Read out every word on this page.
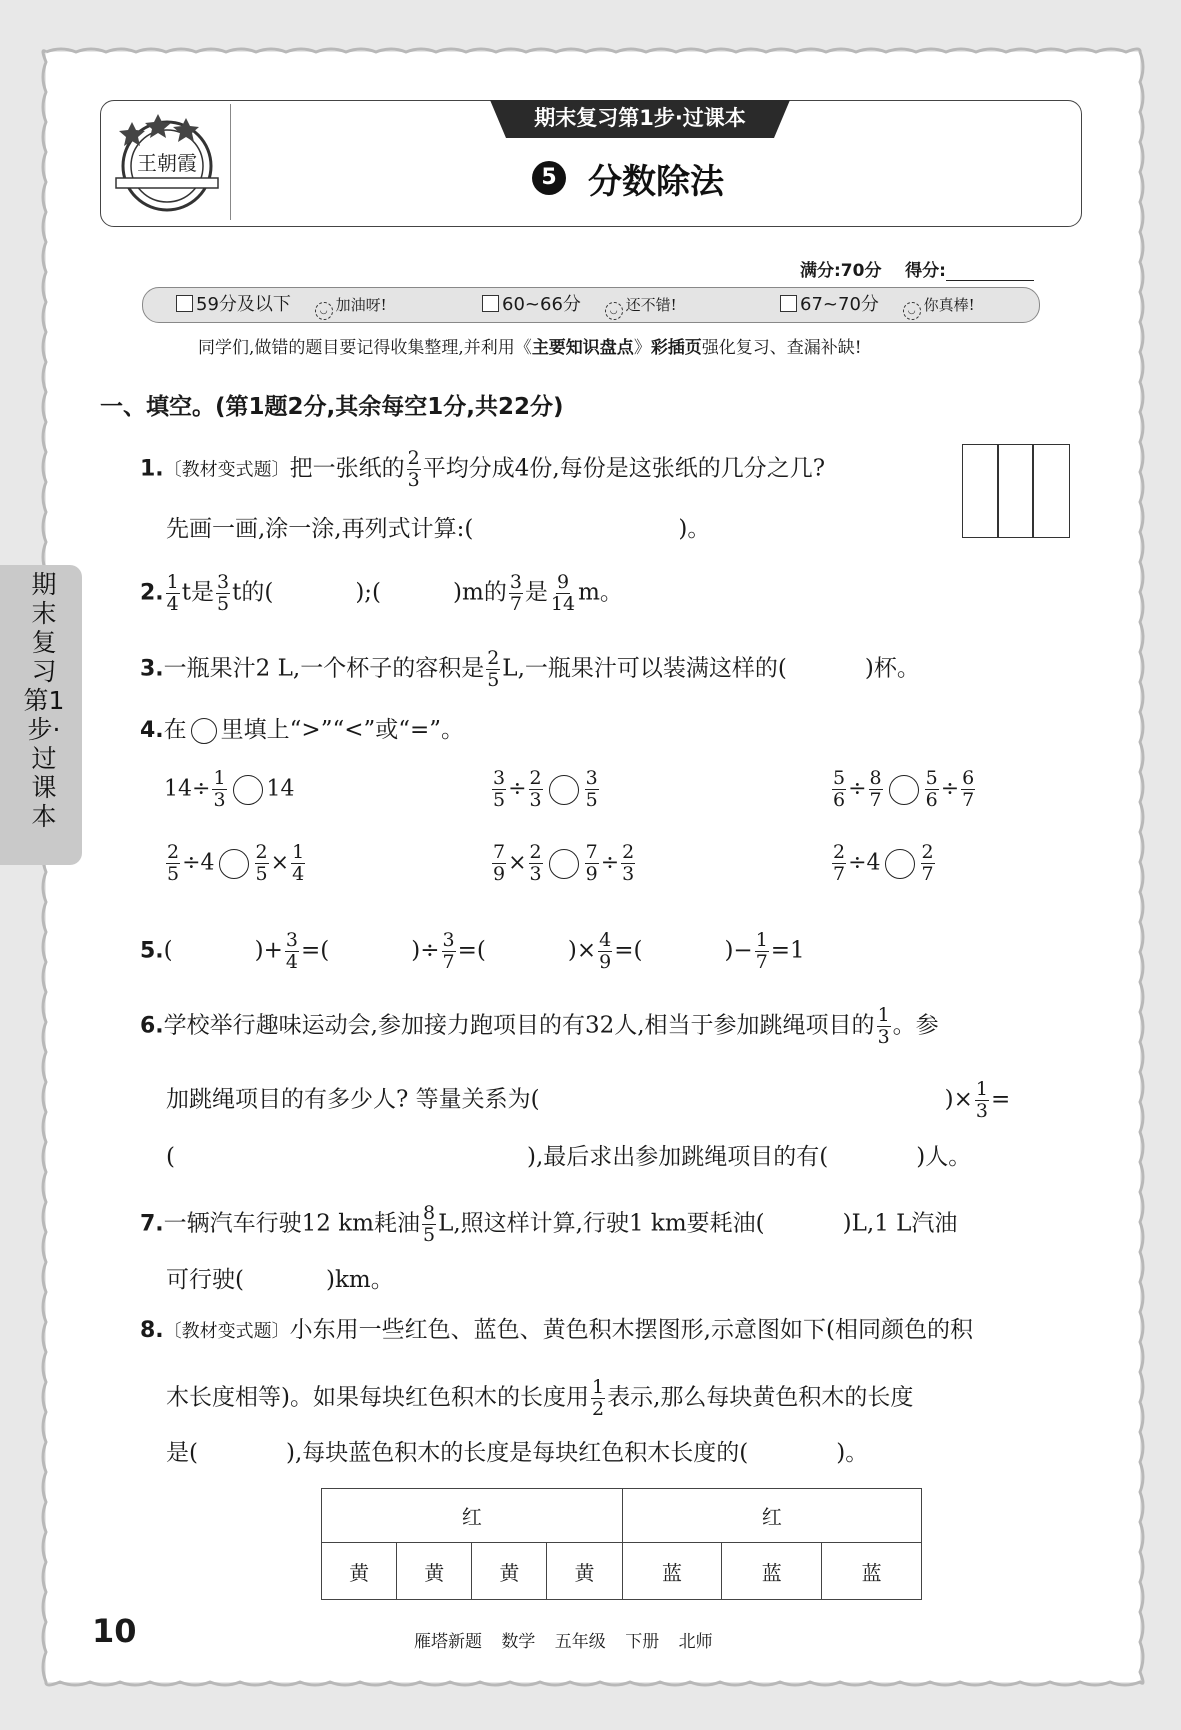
期末复习第1步·过课本
王朝霞
期末复习第1步·过课本
5 分数除法
满分:70分 得分:
59分及以下	◡ 加油呀!	60~66分	◡ 还不错!	67~70分	◡ 你真棒!
同学们,做错的题目要记得收集整理,并利用《主要知识盘点》彩插页强化复习、查漏补缺!
一、填空。(第1题2分,其余每空1分,共22分)
1.〔教材变式题〕把一张纸的 $\frac{2}{3}$ 平均分成4份,每份是这张纸的几分之几?
先画一画,涂一涂,再列式计算:(	)。
2. $\frac{1}{4}$ t是 $\frac{3}{5}$ t的(	);(	)m的 $\frac{3}{7}$ 是 $\frac{9}{14}$ m。
3.一瓶果汁2 L,一个杯子的容积是 $\frac{2}{5} L$,一瓶果汁可以装满这样的(	)杯。
4.在 里填上“>”“<”或“=”。
$14\div \frac{1}{3} 14$	$\frac{3}{5} \div \frac{2}{3} \frac{3}{5}$	$\frac{5}{6} \div \frac{8}{7} \frac{5}{6} \div \frac{6}{7}$
$\frac{2}{5} \div 4 \frac{2}{5} \times \frac{1}{4}$	$\frac{7}{9} \times \frac{2}{3} \frac{7}{9} \div \frac{2}{3}$	$\frac{2}{7} \div 4 \frac{2}{7}$
5.(	)+ $\frac{3}{4}$ =(	)÷ $\frac{3}{7}$ =(	)× $\frac{4}{9}$ =(	)− $\frac{1}{7} =1$
6.学校举行趣味运动会,参加接力跑项目的有32人,相当于参加跳绳项目的 $\frac{1}{3}$ 。参
加跳绳项目的有多少人? 等量关系为(	)× $\frac{1}{3}$ =
(	),最后求出参加跳绳项目的有(	)人。
7.一辆汽车行驶12 km耗油 $\frac{8}{5} L$,照这样计算,行驶1 km要耗油(	)L,1 L汽油
可行驶(	)km。
8.〔教材变式题〕小东用一些红色、蓝色、黄色积木摆图形,示意图如下(相同颜色的积
木长度相等)。如果每块红色积木的长度用 $\frac{1}{2}$ 表示,那么每块黄色积木的长度
是(	),每块蓝色积木的长度是每块红色积木长度的(	)。
红				红		
黄	黄	黄	黄	蓝	蓝	蓝
10	雁塔新题 数学 五年级 下册 北师
